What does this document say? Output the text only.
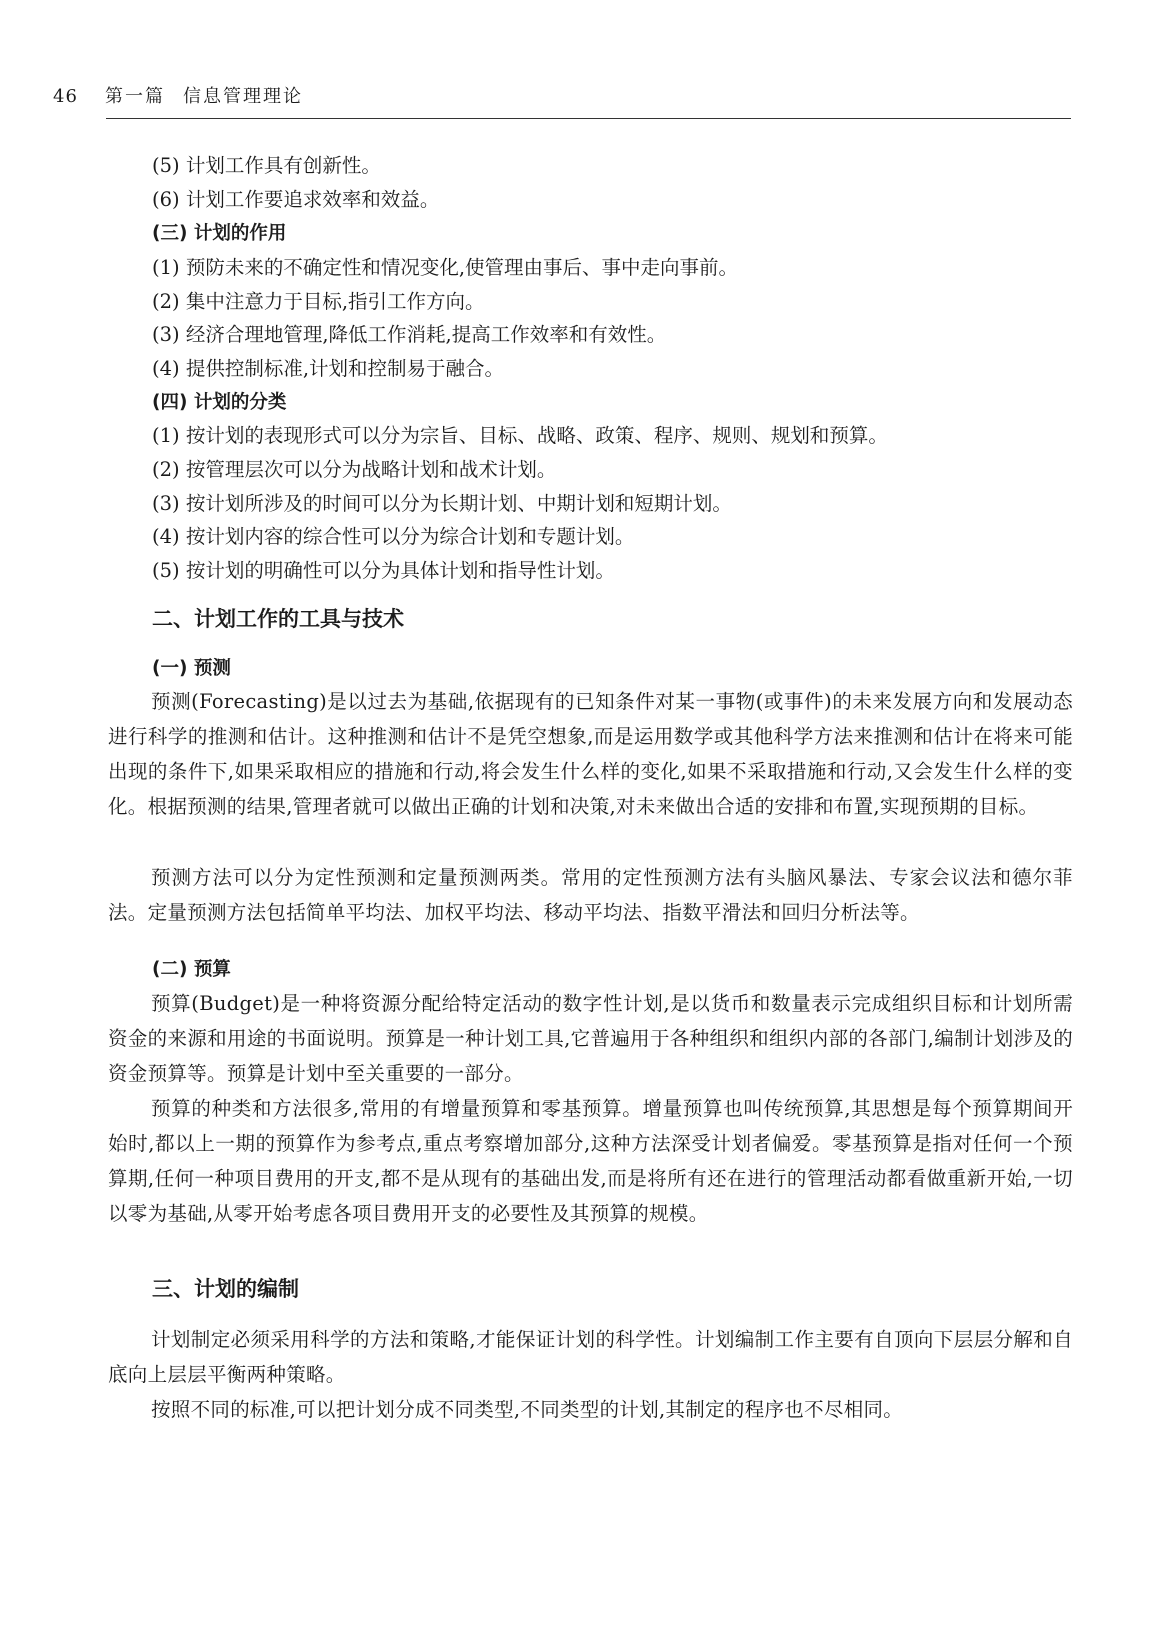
46 第一篇 信息管理理论
(5) 计划工作具有创新性。
(6) 计划工作要追求效率和效益。
(三) 计划的作用
(1) 预防未来的不确定性和情况变化,使管理由事后、事中走向事前。
(2) 集中注意力于目标,指引工作方向。
(3) 经济合理地管理,降低工作消耗,提高工作效率和有效性。
(4) 提供控制标准,计划和控制易于融合。
(四) 计划的分类
(1) 按计划的表现形式可以分为宗旨、目标、战略、政策、程序、规则、规划和预算。
(2) 按管理层次可以分为战略计划和战术计划。
(3) 按计划所涉及的时间可以分为长期计划、中期计划和短期计划。
(4) 按计划内容的综合性可以分为综合计划和专题计划。
(5) 按计划的明确性可以分为具体计划和指导性计划。
二、计划工作的工具与技术
(一) 预测

预测(Forecasting)是以过去为基础,依据现有的已知条件对某一事物(或事件)的未来发展方向和发展动态进行科学的推测和估计。这种推测和估计不是凭空想象,而是运用数学或其他科学方法来推测和估计在将来可能出现的条件下,如果采取相应的措施和行动,将会发生什么样的变化,如果不采取措施和行动,又会发生什么样的变化。根据预测的结果,管理者就可以做出正确的计划和决策,对未来做出合适的安排和布置,实现预期的目标。

预测方法可以分为定性预测和定量预测两类。常用的定性预测方法有头脑风暴法、专家会议法和德尔菲法。定量预测方法包括简单平均法、加权平均法、移动平均法、指数平滑法和回归分析法等。

(二) 预算

预算(Budget)是一种将资源分配给特定活动的数字性计划,是以货币和数量表示完成组织目标和计划所需资金的来源和用途的书面说明。预算是一种计划工具,它普遍用于各种组织和组织内部的各部门,编制计划涉及的资金预算等。预算是计划中至关重要的一部分。

预算的种类和方法很多,常用的有增量预算和零基预算。增量预算也叫传统预算,其思想是每个预算期间开始时,都以上一期的预算作为参考点,重点考察增加部分,这种方法深受计划者偏爱。零基预算是指对任何一个预算期,任何一种项目费用的开支,都不是从现有的基础出发,而是将所有还在进行的管理活动都看做重新开始,一切以零为基础,从零开始考虑各项目费用开支的必要性及其预算的规模。

三、计划的编制

计划制定必须采用科学的方法和策略,才能保证计划的科学性。计划编制工作主要有自顶向下层层分解和自底向上层层平衡两种策略。

按照不同的标准,可以把计划分成不同类型,不同类型的计划,其制定的程序也不尽相同。
